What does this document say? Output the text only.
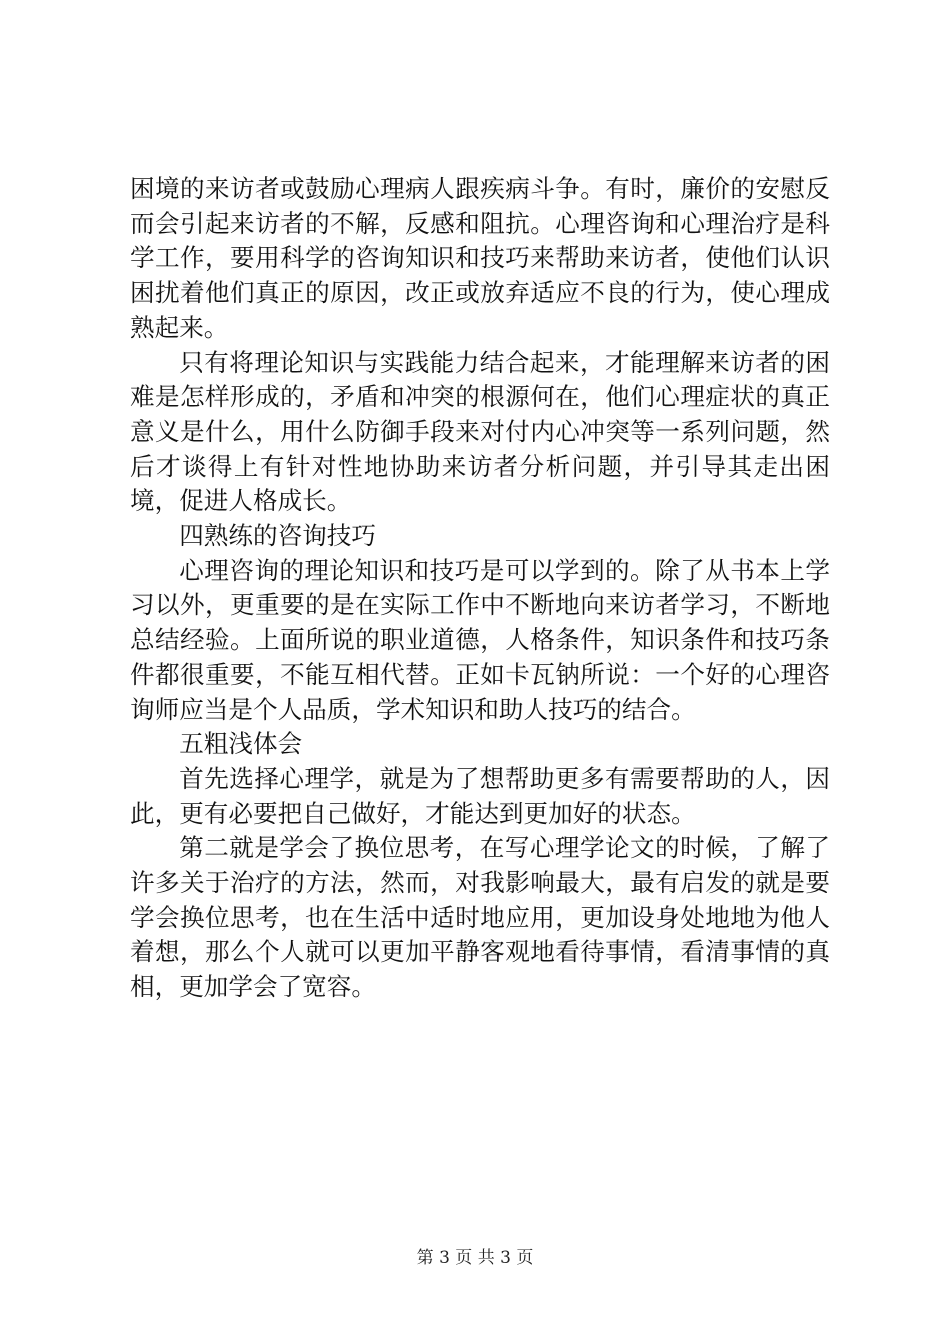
困境的来访者或鼓励心理病人跟疾病斗争。有时，廉价的安慰反而会引起来访者的不解，反感和阻抗。心理咨询和心理治疗是科学工作，要用科学的咨询知识和技巧来帮助来访者，使他们认识困扰着他们真正的原因，改正或放弃适应不良的行为，使心理成熟起来。

只有将理论知识与实践能力结合起来，才能理解来访者的困难是怎样形成的，矛盾和冲突的根源何在，他们心理症状的真正意义是什么，用什么防御手段来对付内心冲突等一系列问题，然后才谈得上有针对性地协助来访者分析问题，并引导其走出困境，促进人格成长。

四熟练的咨询技巧

心理咨询的理论知识和技巧是可以学到的。除了从书本上学习以外，更重要的是在实际工作中不断地向来访者学习，不断地总结经验。上面所说的职业道德，人格条件，知识条件和技巧条件都很重要，不能互相代替。正如卡瓦钠所说：一个好的心理咨询师应当是个人品质，学术知识和助人技巧的结合。

五粗浅体会

首先选择心理学，就是为了想帮助更多有需要帮助的人，因此，更有必要把自己做好，才能达到更加好的状态。

第二就是学会了换位思考，在写心理学论文的时候，了解了许多关于治疗的方法，然而，对我影响最大，最有启发的就是要学会换位思考，也在生活中适时地应用，更加设身处地地为他人着想，那么个人就可以更加平静客观地看待事情，看清事情的真相，更加学会了宽容。

第 3 页 共 3 页
